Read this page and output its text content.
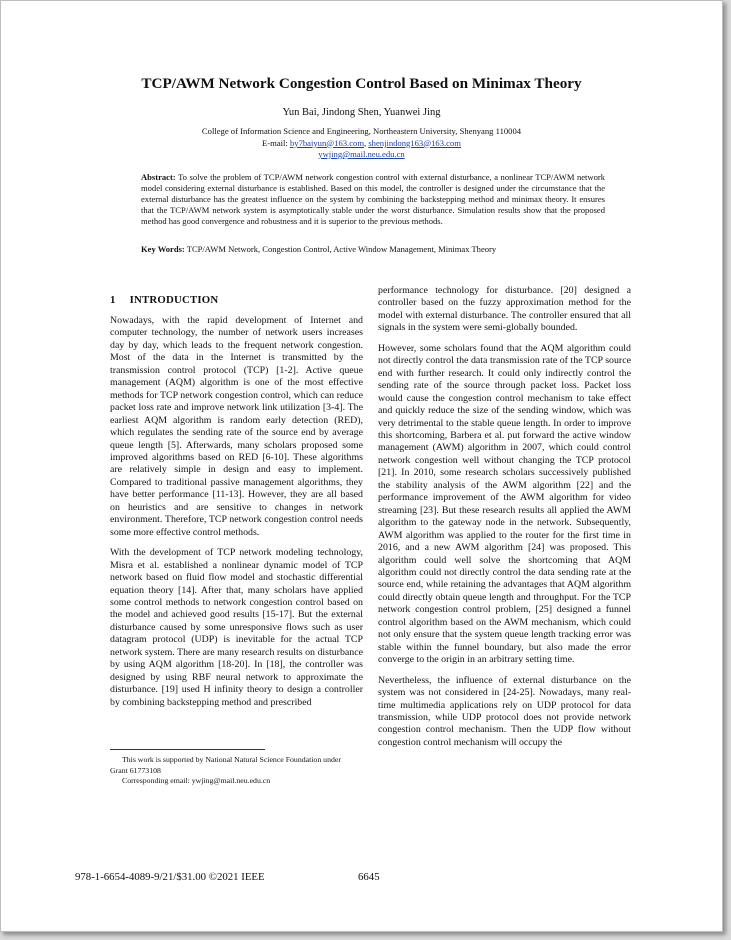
TCP/AWM Network Congestion Control Based on Minimax Theory
Yun Bai, Jindong Shen, Yuanwei Jing
College of Information Science and Engineering, Northeastern University, Shenyang 110004
E-mail: by7baiyun@163.com, shenjindong163@163.com
ywjing@mail.neu.edu.cn
Abstract: To solve the problem of TCP/AWM network congestion control with external disturbance, a nonlinear TCP/AWM network model considering external disturbance is established. Based on this model, the controller is designed under the circumstance that the external disturbance has the greatest influence on the system by combining the backstepping method and minimax theory. It ensures that the TCP/AWM network system is asymptotically stable under the worst disturbance. Simulation results show that the proposed method has good convergence and robustness and it is superior to the previous methods.
Key Words: TCP/AWM Network, Congestion Control, Active Window Management, Minimax Theory
1 INTRODUCTION

Nowadays, with the rapid development of Internet and computer technology, the number of network users increases day by day, which leads to the frequent network congestion. Most of the data in the Internet is transmitted by the transmission control protocol (TCP) [1-2]. Active queue management (AQM) algorithm is one of the most effective methods for TCP network congestion control, which can reduce packet loss rate and improve network link utilization [3-4]. The earliest AQM algorithm is random early detection (RED), which regulates the sending rate of the source end by average queue length [5]. Afterwards, many scholars proposed some improved algorithms based on RED [6-10]. These algorithms are relatively simple in design and easy to implement. Compared to traditional passive management algorithms, they have better performance [11-13]. However, they are all based on heuristics and are sensitive to changes in network environment. Therefore, TCP network congestion control needs some more effective control methods.

With the development of TCP network modeling technology, Misra et al. established a nonlinear dynamic model of TCP network based on fluid flow model and stochastic differential equation theory [14]. After that, many scholars have applied some control methods to network congestion control based on the model and achieved good results [15-17]. But the external disturbance caused by some unresponsive flows such as user datagram protocol (UDP) is inevitable for the actual TCP network system. There are many research results on disturbance by using AQM algorithm [18-20]. In [18], the controller was designed by using RBF neural network to approximate the disturbance. [19] used H infinity theory to design a controller by combining backstepping method and prescribed

performance technology for disturbance. [20] designed a controller based on the fuzzy approximation method for the model with external disturbance. The controller ensured that all signals in the system were semi-globally bounded.

However, some scholars found that the AQM algorithm could not directly control the data transmission rate of the TCP source end with further research. It could only indirectly control the sending rate of the source through packet loss. Packet loss would cause the congestion control mechanism to take effect and quickly reduce the size of the sending window, which was very detrimental to the stable queue length. In order to improve this shortcoming, Barbera et al. put forward the active window management (AWM) algorithm in 2007, which could control network congestion well without changing the TCP protocol [21]. In 2010, some research scholars successively published the stability analysis of the AWM algorithm [22] and the performance improvement of the AWM algorithm for video streaming [23]. But these research results all applied the AWM algorithm to the gateway node in the network. Subsequently, AWM algorithm was applied to the router for the first time in 2016, and a new AWM algorithm [24] was proposed. This algorithm could well solve the shortcoming that AQM algorithm could not directly control the data sending rate at the source end, while retaining the advantages that AQM algorithm could directly obtain queue length and throughput. For the TCP network congestion control problem, [25] designed a funnel control algorithm based on the AWM mechanism, which could not only ensure that the system queue length tracking error was stable within the funnel boundary, but also made the error converge to the origin in an arbitrary setting time.

Nevertheless, the influence of external disturbance on the system was not considered in [24-25]. Nowadays, many real-time multimedia applications rely on UDP protocol for data transmission, while UDP protocol does not provide network congestion control mechanism. Then the UDP flow without congestion control mechanism will occupy the

This work is supported by National Natural Science Foundation under
Grant 61773108
Corresponding email: ywjing@mail.neu.edu.cn
978-1-6654-4089-9/21/$31.00 ©2021 IEEE	6645
